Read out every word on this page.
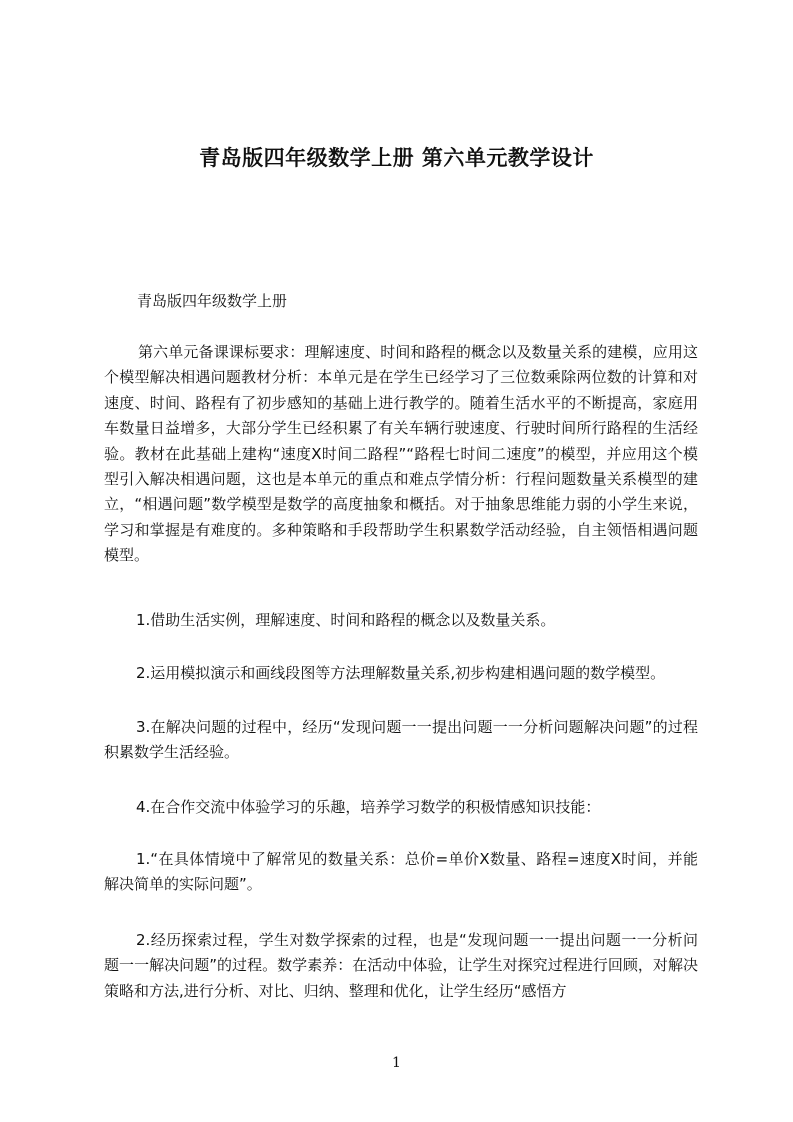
青岛版四年级数学上册 第六单元教学设计

青岛版四年级数学上册

第六单元备课课标要求：理解速度、时间和路程的概念以及数量关系的建模，应用这个模型解决相遇问题教材分析：本单元是在学生已经学习了三位数乘除两位数的计算和对速度、时间、路程有了初步感知的基础上进行教学的。随着生活水平的不断提高，家庭用车数量日益增多，大部分学生已经积累了有关车辆行驶速度、行驶时间所行路程的生活经验。教材在此基础上建构“速度X时间二路程”“路程七时间二速度”的模型，并应用这个模型引入解决相遇问题，这也是本单元的重点和难点学情分析：行程问题数量关系模型的建立，“相遇问题”数学模型是数学的高度抽象和概括。对于抽象思维能力弱的小学生来说，学习和掌握是有难度的。多种策略和手段帮助学生积累数学活动经验，自主领悟相遇问题模型。

1.借助生活实例，理解速度、时间和路程的概念以及数量关系。

2.运用模拟演示和画线段图等方法理解数量关系,初步构建相遇问题的数学模型。

3.在解决问题的过程中，经历“发现问题一一提出问题一一分析问题解决问题”的过程积累数学生活经验。

4.在合作交流中体验学习的乐趣，培养学习数学的积极情感知识技能：

1.“在具体情境中了解常见的数量关系：总价=单价X数量、路程=速度X时间，并能解决简单的实际问题”。

2.经历探索过程，学生对数学探索的过程，也是“发现问题一一提出问题一一分析问题一一解决问题”的过程。数学素养：在活动中体验，让学生对探究过程进行回顾，对解决策略和方法,进行分析、对比、归纳、整理和优化，让学生经历“感悟方

1
